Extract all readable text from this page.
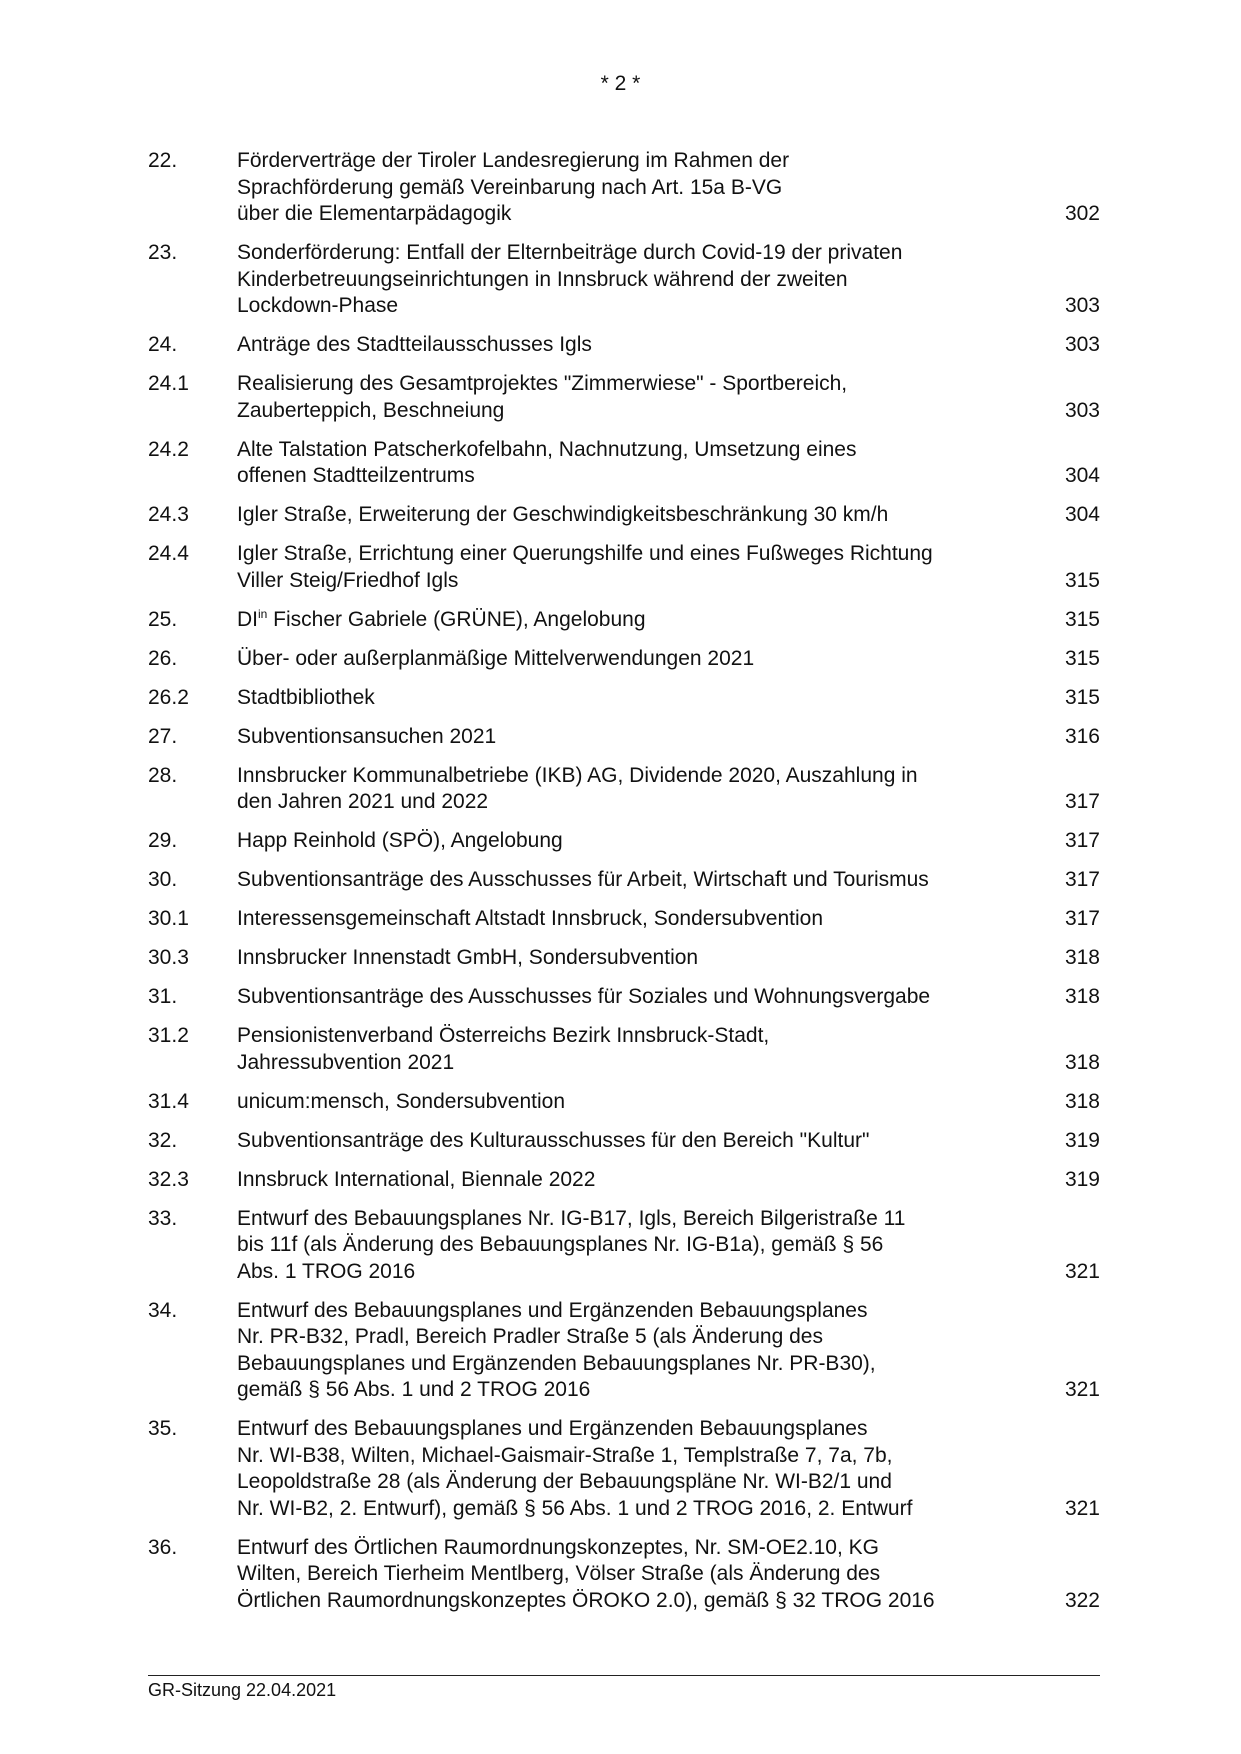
* 2 *
22.	Förderverträge der Tiroler Landesregierung im Rahmen der
Sprachförderung gemäß Vereinbarung nach Art. 15a B-VG
über die Elementarpädagogik	302
23.	Sonderförderung: Entfall der Elternbeiträge durch Covid-19 der privaten
Kinderbetreuungseinrichtungen in Innsbruck während der zweiten
Lockdown-Phase	303
24.	Anträge des Stadtteilausschusses Igls	303
24.1	Realisierung des Gesamtprojektes "Zimmerwiese" - Sportbereich,
Zauberteppich, Beschneiung	303
24.2	Alte Talstation Patscherkofelbahn, Nachnutzung, Umsetzung eines
offenen Stadtteilzentrums	304
24.3	Igler Straße, Erweiterung der Geschwindigkeitsbeschränkung 30 km/h	304
24.4	Igler Straße, Errichtung einer Querungshilfe und eines Fußweges Richtung
Viller Steig/Friedhof Igls	315
25.	$DI^{in}$ Fischer Gabriele (GRÜNE), Angelobung	315
26.	Über- oder außerplanmäßige Mittelverwendungen 2021	315
26.2	Stadtbibliothek	315
27.	Subventionsansuchen 2021	316
28.	Innsbrucker Kommunalbetriebe (IKB) AG, Dividende 2020, Auszahlung in
den Jahren 2021 und 2022	317
29.	Happ Reinhold (SPÖ), Angelobung	317
30.	Subventionsanträge des Ausschusses für Arbeit, Wirtschaft und Tourismus	317
30.1	Interessensgemeinschaft Altstadt Innsbruck, Sondersubvention	317
30.3	Innsbrucker Innenstadt GmbH, Sondersubvention	318
31.	Subventionsanträge des Ausschusses für Soziales und Wohnungsvergabe	318
31.2	Pensionistenverband Österreichs Bezirk Innsbruck-Stadt,
Jahressubvention 2021	318
31.4	unicum:mensch, Sondersubvention	318
32.	Subventionsanträge des Kulturausschusses für den Bereich "Kultur"	319
32.3	Innsbruck International, Biennale 2022	319
33.	Entwurf des Bebauungsplanes Nr. IG-B17, Igls, Bereich Bilgeristraße 11
bis 11f (als Änderung des Bebauungsplanes Nr. IG-B1a), gemäß § 56
Abs. 1 TROG 2016	321
34.	Entwurf des Bebauungsplanes und Ergänzenden Bebauungsplanes
Nr. PR-B32, Pradl, Bereich Pradler Straße 5 (als Änderung des
Bebauungsplanes und Ergänzenden Bebauungsplanes Nr. PR-B30),
gemäß § 56 Abs. 1 und 2 TROG 2016	321
35.	Entwurf des Bebauungsplanes und Ergänzenden Bebauungsplanes
Nr. WI-B38, Wilten, Michael-Gaismair-Straße 1, Templstraße 7, 7a, 7b,
Leopoldstraße 28 (als Änderung der Bebauungspläne Nr. WI-B2/1 und
Nr. WI-B2, 2. Entwurf), gemäß § 56 Abs. 1 und 2 TROG 2016, 2. Entwurf	321
36.	Entwurf des Örtlichen Raumordnungskonzeptes, Nr. SM-OE2.10, KG
Wilten, Bereich Tierheim Mentlberg, Völser Straße (als Änderung des
Örtlichen Raumordnungskonzeptes ÖROKO 2.0), gemäß § 32 TROG 2016	322
GR-Sitzung 22.04.2021
